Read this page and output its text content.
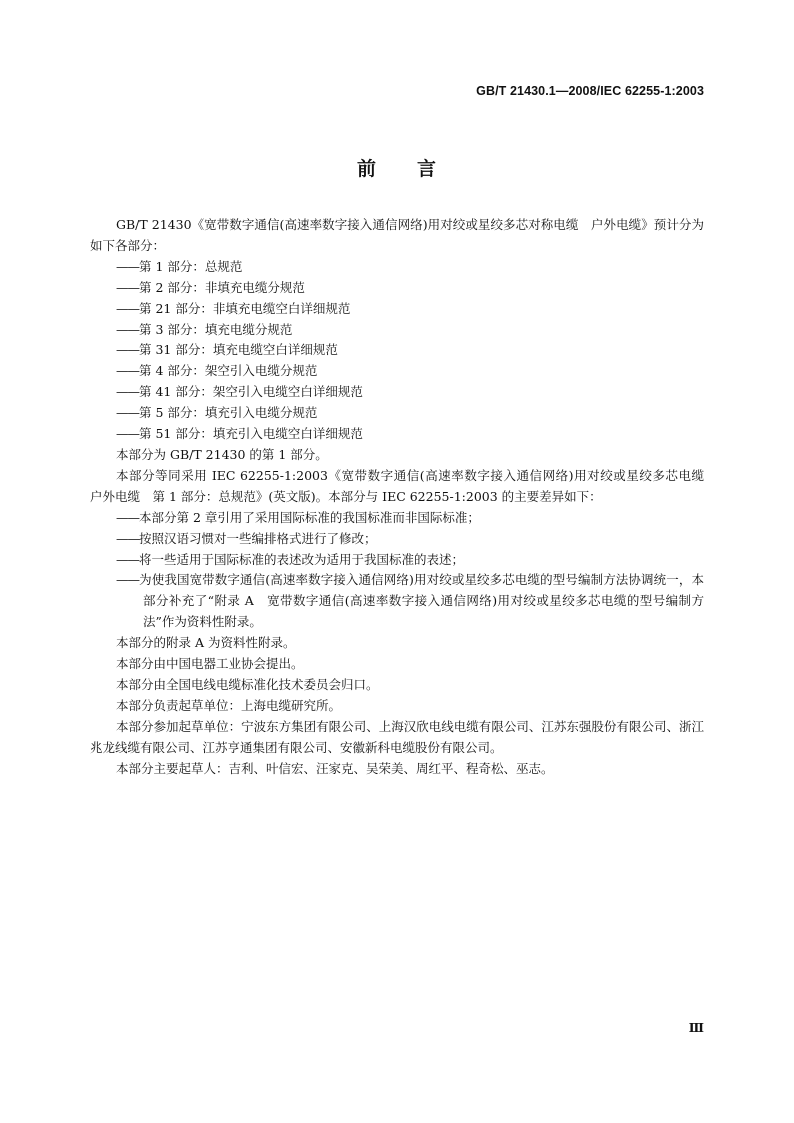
GB/T 21430.1—2008/IEC 62255-1:2003
前 言

GB/T 21430《宽带数字通信(高速率数字接入通信网络)用对绞或星绞多芯对称电缆　户外电缆》预计分为如下各部分：

——第 1 部分：总规范

——第 2 部分：非填充电缆分规范

——第 21 部分：非填充电缆空白详细规范

——第 3 部分：填充电缆分规范

——第 31 部分：填充电缆空白详细规范

——第 4 部分：架空引入电缆分规范

——第 41 部分：架空引入电缆空白详细规范

——第 5 部分：填充引入电缆分规范

——第 51 部分：填充引入电缆空白详细规范

本部分为 GB/T 21430 的第 1 部分。

本部分等同采用 IEC 62255-1:2003《宽带数字通信(高速率数字接入通信网络)用对绞或星绞多芯电缆　户外电缆　第 1 部分：总规范》(英文版)。本部分与 IEC 62255-1:2003 的主要差异如下：

——本部分第 2 章引用了采用国际标准的我国标准而非国际标准；

——按照汉语习惯对一些编排格式进行了修改；

——将一些适用于国际标准的表述改为适用于我国标准的表述；

——为使我国宽带数字通信(高速率数字接入通信网络)用对绞或星绞多芯电缆的型号编制方法协调统一，本部分补充了“附录 A　宽带数字通信(高速率数字接入通信网络)用对绞或星绞多芯电缆的型号编制方法”作为资料性附录。

本部分的附录 A 为资料性附录。

本部分由中国电器工业协会提出。

本部分由全国电线电缆标准化技术委员会归口。

本部分负责起草单位：上海电缆研究所。

本部分参加起草单位：宁波东方集团有限公司、上海汉欣电线电缆有限公司、江苏东强股份有限公司、浙江兆龙线缆有限公司、江苏亨通集团有限公司、安徽新科电缆股份有限公司。

本部分主要起草人：吉利、叶信宏、汪家克、吴荣美、周红平、程奇松、巫志。

Ⅲ
